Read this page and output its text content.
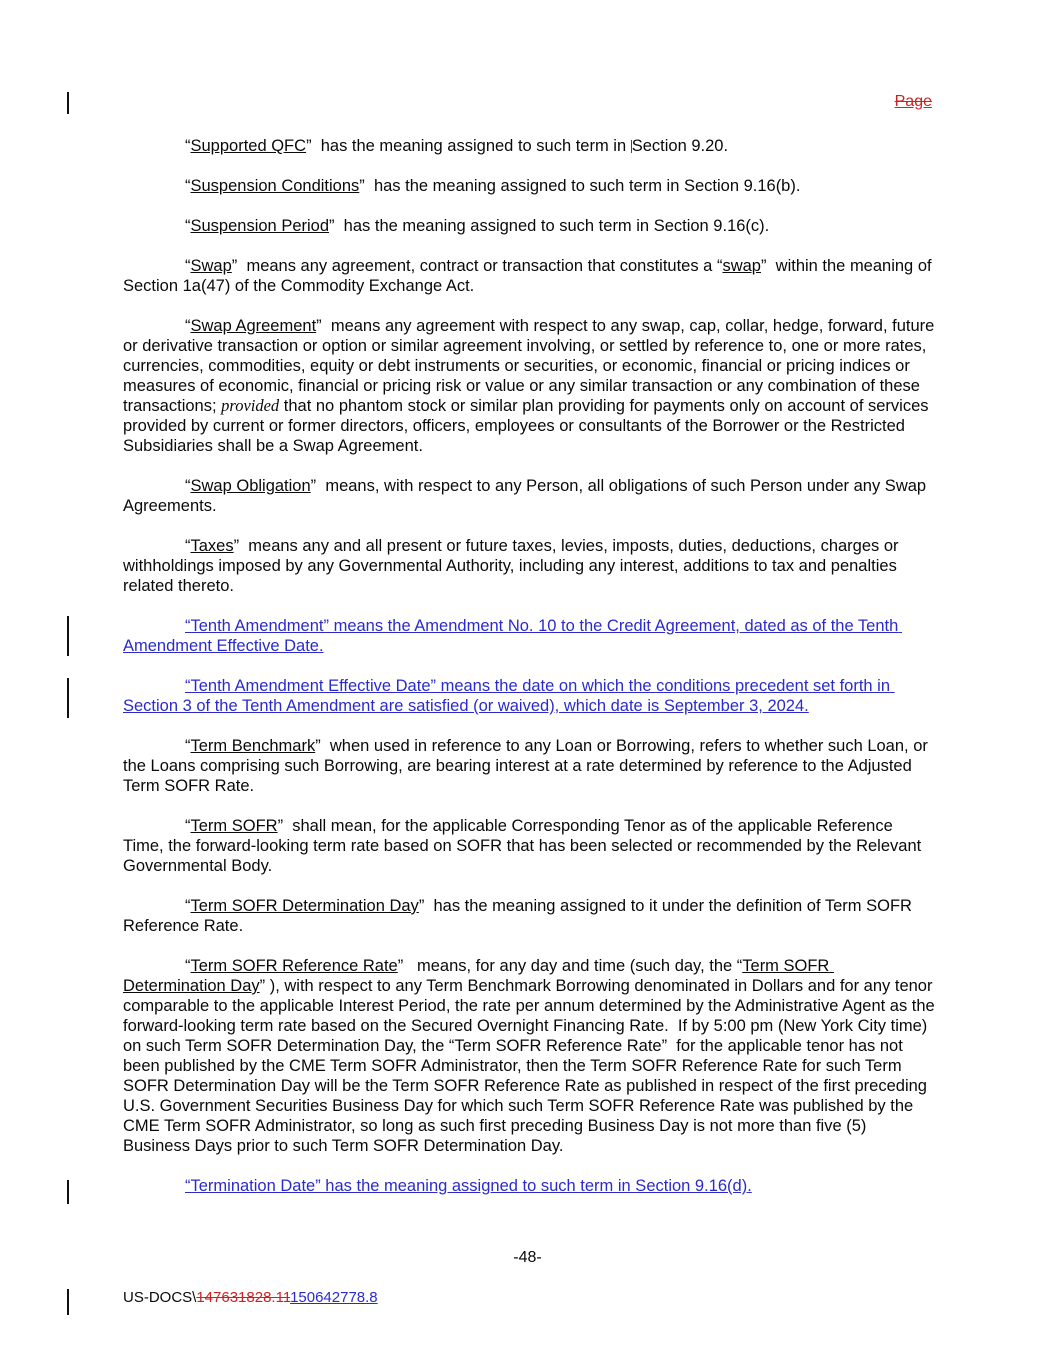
Page

“Supported QFC”  has the meaning assigned to such term in Section 9.20.

“Suspension Conditions”  has the meaning assigned to such term in Section 9.16(b).

“Suspension Period”  has the meaning assigned to such term in Section 9.16(c).

“Swap”  means any agreement, contract or transaction that constitutes a “swap”  within the meaning of Section 1a(47) of the Commodity Exchange Act.

“Swap Agreement”  means any agreement with respect to any swap, cap, collar, hedge, forward, future or derivative transaction or option or similar agreement involving, or settled by reference to, one or more rates, currencies, commodities, equity or debt instruments or securities, or economic, financial or pricing indices or measures of economic, financial or pricing risk or value or any similar transaction or any combination of these transactions; provided that no phantom stock or similar plan providing for payments only on account of services provided by current or former directors, officers, employees or consultants of the Borrower or the Restricted Subsidiaries shall be a Swap Agreement.

“Swap Obligation”  means, with respect to any Person, all obligations of such Person under any Swap Agreements.

“Taxes”  means any and all present or future taxes, levies, imposts, duties, deductions, charges or withholdings imposed by any Governmental Authority, including any interest, additions to tax and penalties related thereto.

“Tenth Amendment” means the Amendment No. 10 to the Credit Agreement, dated as of the Tenth Amendment Effective Date.

“Tenth Amendment Effective Date” means the date on which the conditions precedent set forth in Section 3 of the Tenth Amendment are satisfied (or waived), which date is September 3, 2024.

“Term Benchmark”  when used in reference to any Loan or Borrowing, refers to whether such Loan, or the Loans comprising such Borrowing, are bearing interest at a rate determined by reference to the Adjusted Term SOFR Rate.

“Term SOFR”  shall mean, for the applicable Corresponding Tenor as of the applicable Reference Time, the forward-looking term rate based on SOFR that has been selected or recommended by the Relevant Governmental Body.

“Term SOFR Determination Day”  has the meaning assigned to it under the definition of Term SOFR Reference Rate.

“Term SOFR Reference Rate”   means, for any day and time (such day, the “Term SOFR Determination Day” ), with respect to any Term Benchmark Borrowing denominated in Dollars and for any tenor comparable to the applicable Interest Period, the rate per annum determined by the Administrative Agent as the forward-looking term rate based on the Secured Overnight Financing Rate.  If by 5:00 pm (New York City time) on such Term SOFR Determination Day, the “Term SOFR Reference Rate”  for the applicable tenor has not been published by the CME Term SOFR Administrator, then the Term SOFR Reference Rate for such Term SOFR Determination Day will be the Term SOFR Reference Rate as published in respect of the first preceding U.S. Government Securities Business Day for which such Term SOFR Reference Rate was published by the CME Term SOFR Administrator, so long as such first preceding Business Day is not more than five (5) Business Days prior to such Term SOFR Determination Day.

“Termination Date” has the meaning assigned to such term in Section 9.16(d).

-48-
US-DOCS\147631828.11150642778.8
